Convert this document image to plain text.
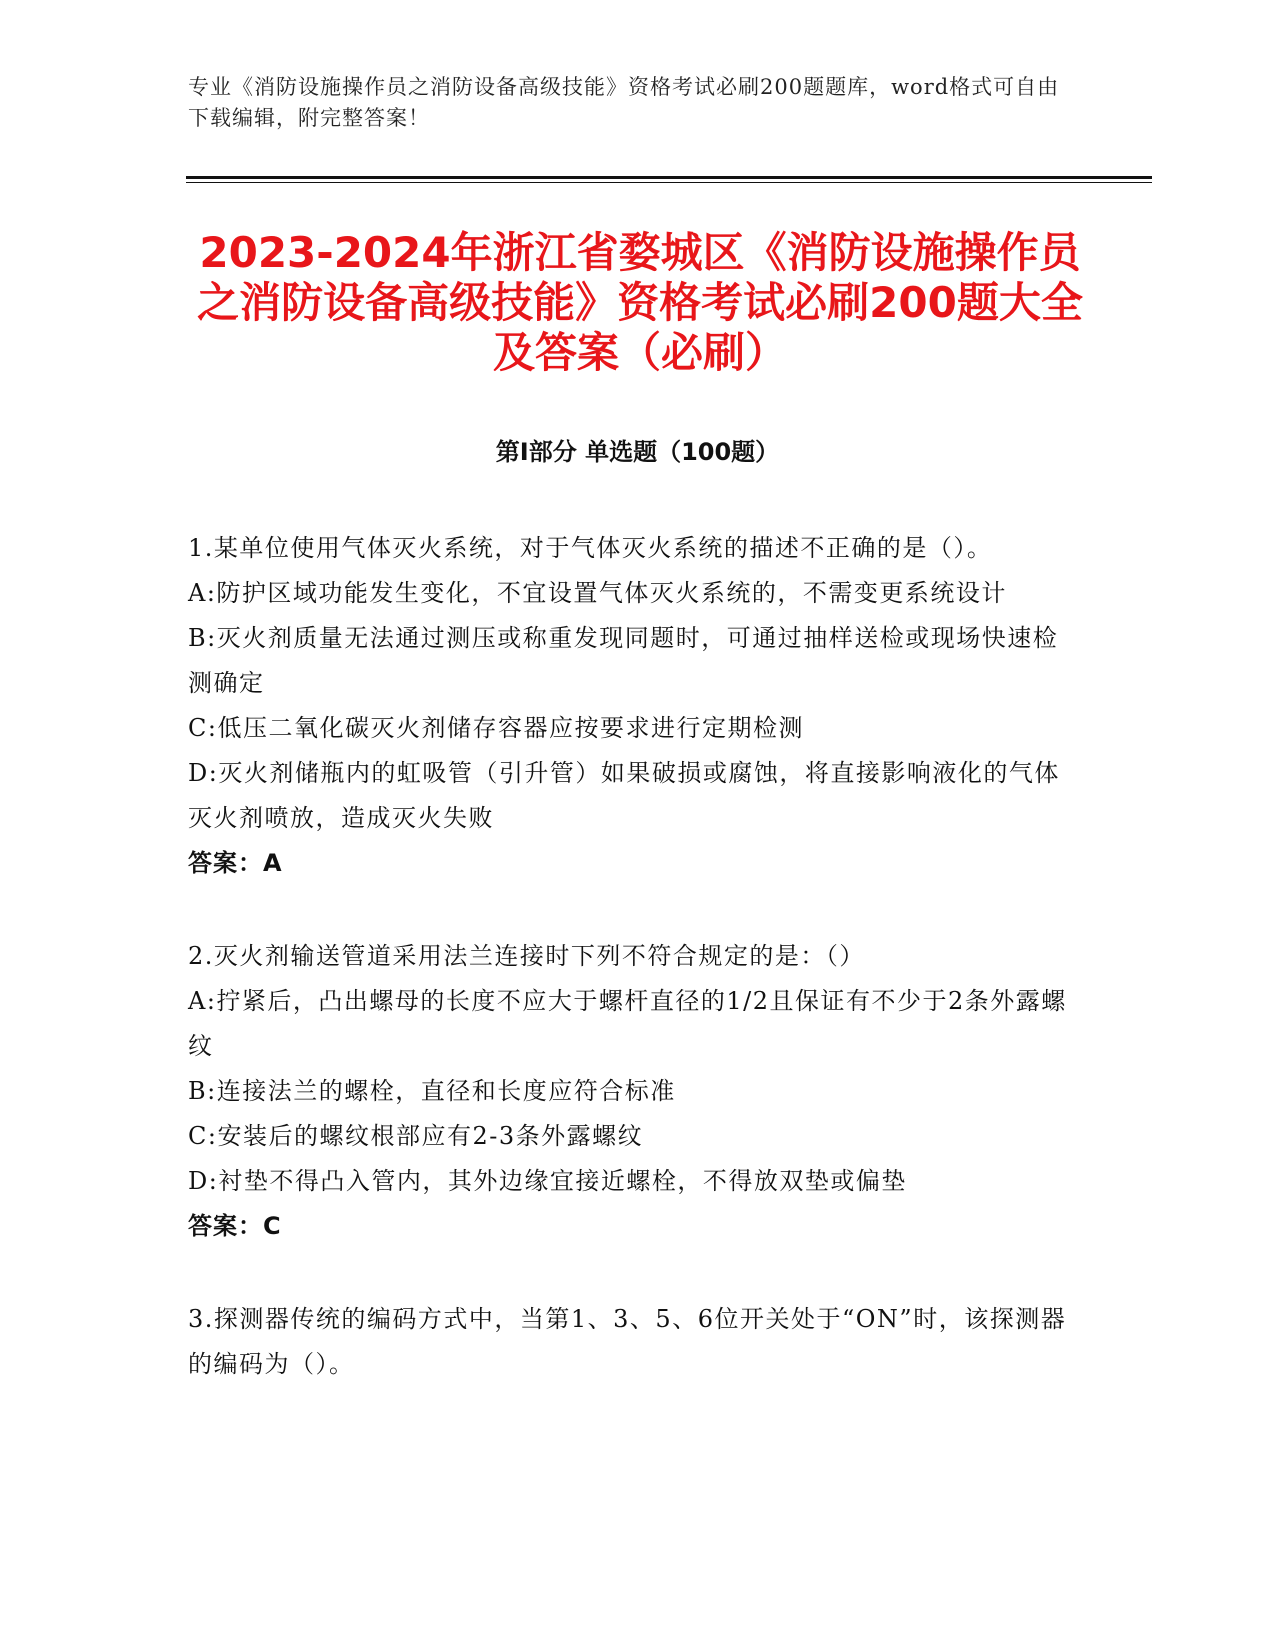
专业《消防设施操作员之消防设备高级技能》资格考试必刷200题题库，word格式可自由下载编辑，附完整答案！
2023-2024年浙江省婺城区《消防设施操作员之消防设备高级技能》资格考试必刷200题大全及答案（必刷）
第I部分 单选题（100题）

1.某单位使用气体灭火系统，对于气体灭火系统的描述不正确的是（）。

A:防护区域功能发生变化，不宜设置气体灭火系统的，不需变更系统设计

B:灭火剂质量无法通过测压或称重发现同题时，可通过抽样送检或现场快速检测确定

C:低压二氧化碳灭火剂储存容器应按要求进行定期检测

D:灭火剂储瓶内的虹吸管（引升管）如果破损或腐蚀，将直接影响液化的气体灭火剂喷放，造成灭火失败

答案：A

2.灭火剂输送管道采用法兰连接时下列不符合规定的是：（）

A:拧紧后，凸出螺母的长度不应大于螺杆直径的1/2且保证有不少于2条外露螺纹

B:连接法兰的螺栓，直径和长度应符合标准

C:安装后的螺纹根部应有2-3条外露螺纹

D:衬垫不得凸入管内，其外边缘宜接近螺栓，不得放双垫或偏垫

答案：C

3.探测器传统的编码方式中，当第1、3、5、6位开关处于“ON”时，该探测器的编码为（）。
